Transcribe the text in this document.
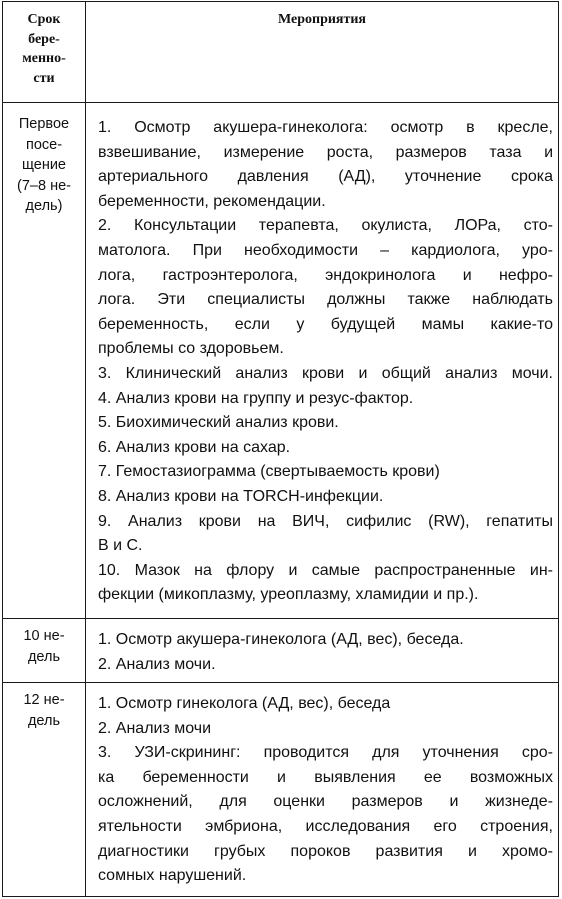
Срок
бере-
менно-
сти
Мероприятия
Первое
посе-
щение
(7–8 не-
дель)
1. Осмотр акушера-гинеколога: осмотр в кресле,
взвешивание, измерение роста, размеров таза и
артериального давления (АД), уточнение срока
беременности, рекомендации.
2. Консультации терапевта, окулиста, ЛОРа, сто-
матолога. При необходимости – кардиолога, уро-
лога, гастроэнтеролога, эндокринолога и нефро-
лога. Эти специалисты должны также наблюдать
беременность, если у будущей мамы какие-то
проблемы со здоровьем.
3. Клинический анализ крови и общий анализ мочи.
4. Анализ крови на группу и резус-фактор.
5. Биохимический анализ крови.
6. Анализ крови на сахар.
7. Гемостазиограмма (свертываемость крови)
8. Анализ крови на TORCH-инфекции.
9. Анализ крови на ВИЧ, сифилис (RW), гепатиты
В и С.
10. Мазок на флору и самые распространенные ин-
фекции (микоплазму, уреоплазму, хламидии и пр.).
10 не-
дель
1. Осмотр акушера-гинеколога (АД, вес), беседа.
2. Анализ мочи.
12 не-
дель
1. Осмотр гинеколога (АД, вес), беседа
2. Анализ мочи
3. УЗИ-скрининг: проводится для уточнения сро-
ка беременности и выявления ее возможных
осложнений, для оценки размеров и жизнеде-
ятельности эмбриона, исследования его строения,
диагностики грубых пороков развития и хромо-
сомных нарушений.
